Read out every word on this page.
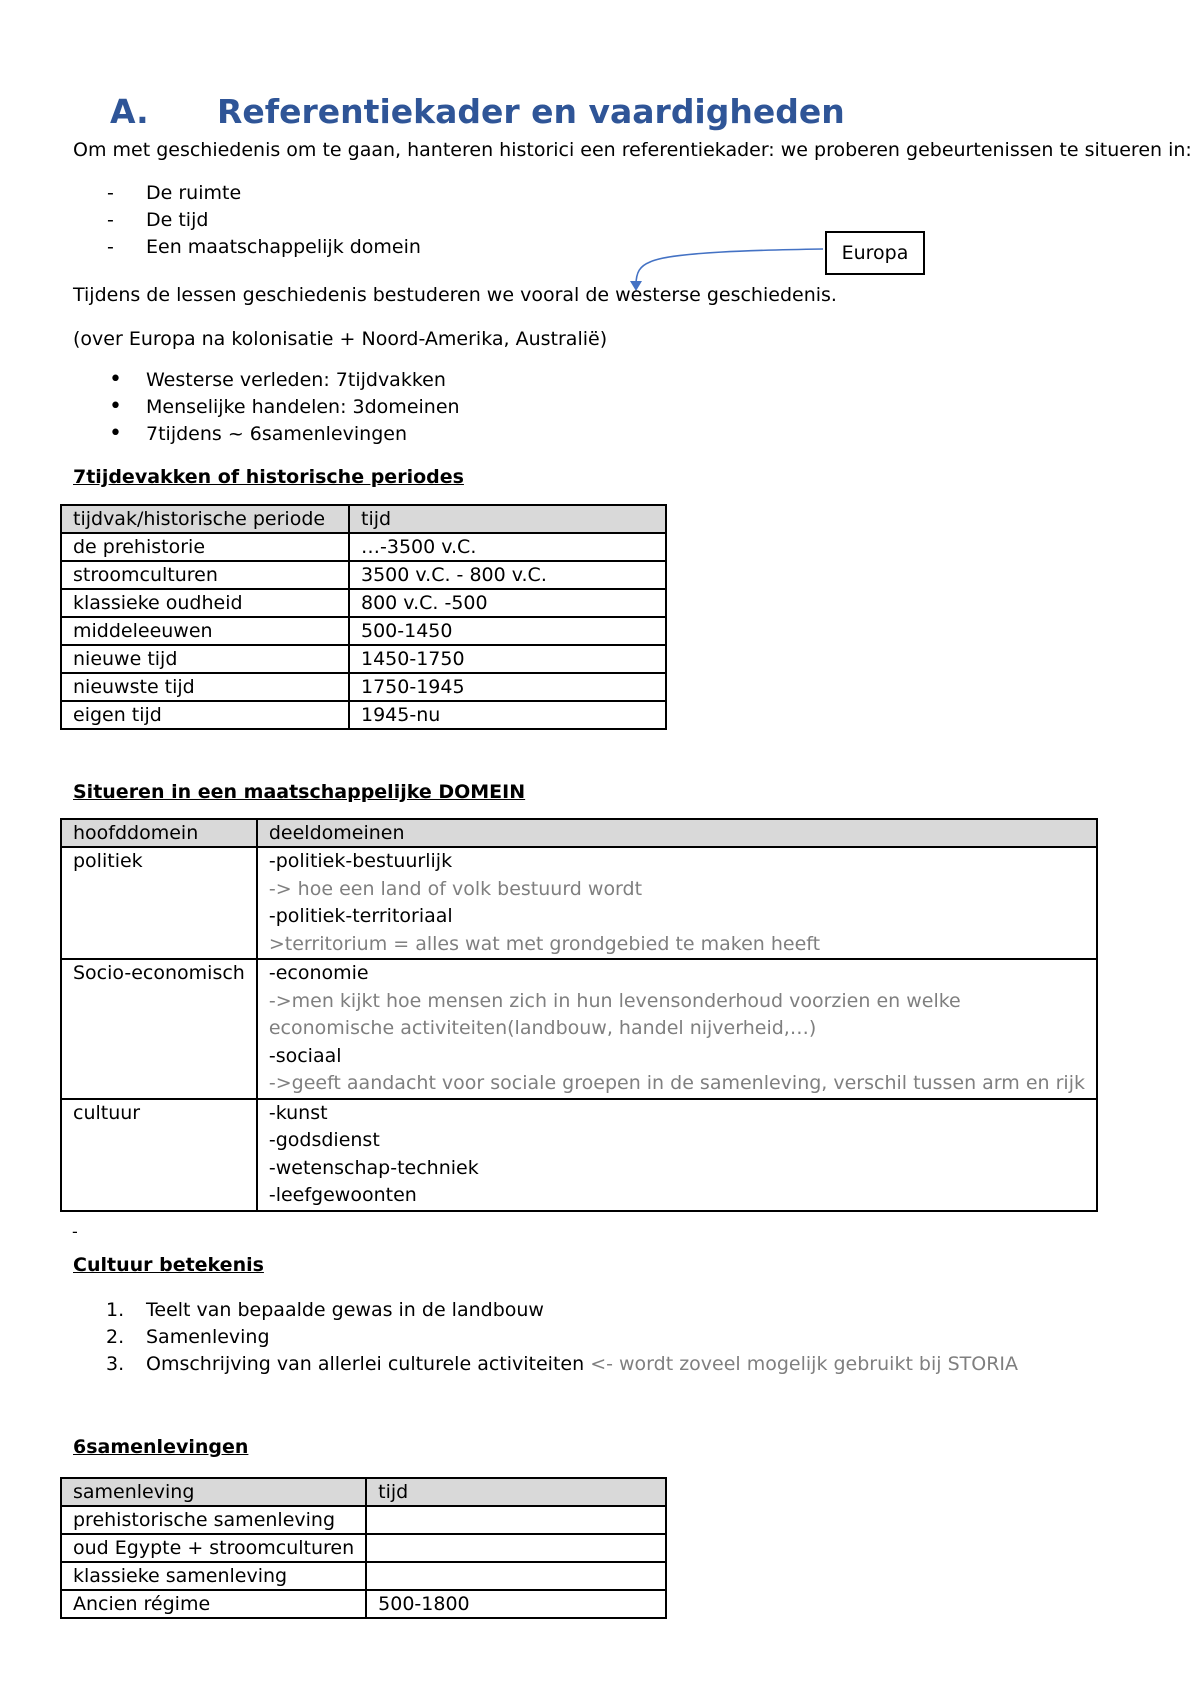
A. Referentiekader en vaardigheden

Om met geschiedenis om te gaan, hanteren historici een referentiekader: we proberen gebeurtenissen te situeren in:

- De ruimte
- De tijd
- Een maatschappelijk domein	Europa

Tijdens de lessen geschiedenis bestuderen we vooral de westerse geschiedenis.

(over Europa na kolonisatie + Noord-Amerika, Australië)

• Westerse verleden: 7tijdvakken
• Menselijke handelen: 3domeinen
• 7tijdens ~ 6samenlevingen

7tijdevakken of historische periodes

tijdvak/historische periode	tijd
de prehistorie	…-3500 v.C.
stroomculturen	3500 v.C. - 800 v.C.
klassieke oudheid	800 v.C. -500
middeleeuwen	500-1450
nieuwe tijd	1450-1750
nieuwste tijd	1750-1945
eigen tijd	1945-nu

Situeren in een maatschappelijke DOMEIN

hoofddomein	deeldomeinen
politiek	-politiek-bestuurlijk
-> hoe een land of volk bestuurd wordt
-politiek-territoriaal
>territorium = alles wat met grondgebied te maken heeft

Socio-economisch	-economie
->men kijkt hoe mensen zich in hun levensonderhoud voorzien en welke
economische activiteiten(landbouw, handel nijverheid,…)
-sociaal
->geeft aandacht voor sociale groepen in de samenleving, verschil tussen arm en rijk

cultuur	-kunst
-godsdienst
-wetenschap-techniek
-leefgewoonten

-

Cultuur betekenis

1. Teelt van bepaalde gewas in de landbouw
2. Samenleving
3. Omschrijving van allerlei culturele activiteiten <- wordt zoveel mogelijk gebruikt bij STORIA

6samenlevingen

samenleving	tijd
prehistorische samenleving	
oud Egypte + stroomculturen	
klassieke samenleving	
Ancien régime	500-1800
